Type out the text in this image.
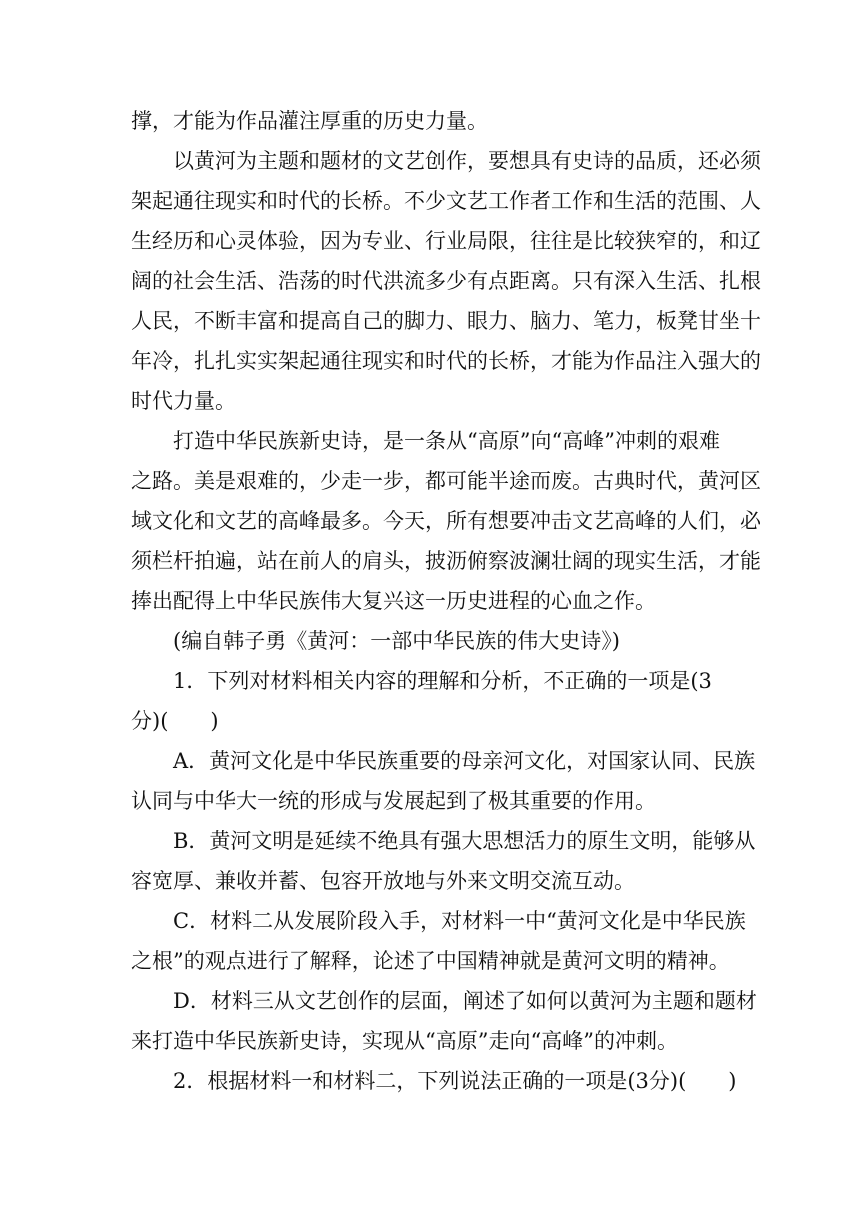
撑，才能为作品灌注厚重的历史力量。

以黄河为主题和题材的文艺创作，要想具有史诗的品质，还必须

架起通往现实和时代的长桥。不少文艺工作者工作和生活的范围、人

生经历和心灵体验，因为专业、行业局限，往往是比较狭窄的，和辽

阔的社会生活、浩荡的时代洪流多少有点距离。只有深入生活、扎根

人民，不断丰富和提高自己的脚力、眼力、脑力、笔力，板凳甘坐十

年冷，扎扎实实架起通往现实和时代的长桥，才能为作品注入强大的

时代力量。

打造中华民族新史诗，是一条从“高原”向“高峰”冲刺的艰难

之路。美是艰难的，少走一步，都可能半途而废。古典时代，黄河区

域文化和文艺的高峰最多。今天，所有想要冲击文艺高峰的人们，必

须栏杆拍遍，站在前人的肩头，披沥俯察波澜壮阔的现实生活，才能

捧出配得上中华民族伟大复兴这一历史进程的心血之作。

(编自韩子勇《黄河：一部中华民族的伟大史诗》)

1．下列对材料相关内容的理解和分析，不正确的一项是(3

分)(　　)

A．黄河文化是中华民族重要的母亲河文化，对国家认同、民族

认同与中华大一统的形成与发展起到了极其重要的作用。

B．黄河文明是延续不绝具有强大思想活力的原生文明，能够从

容宽厚、兼收并蓄、包容开放地与外来文明交流互动。

C．材料二从发展阶段入手，对材料一中“黄河文化是中华民族

之根”的观点进行了解释，论述了中国精神就是黄河文明的精神。

D．材料三从文艺创作的层面，阐述了如何以黄河为主题和题材

来打造中华民族新史诗，实现从“高原”走向“高峰”的冲刺。

2．根据材料一和材料二，下列说法正确的一项是(3分)(　　)
